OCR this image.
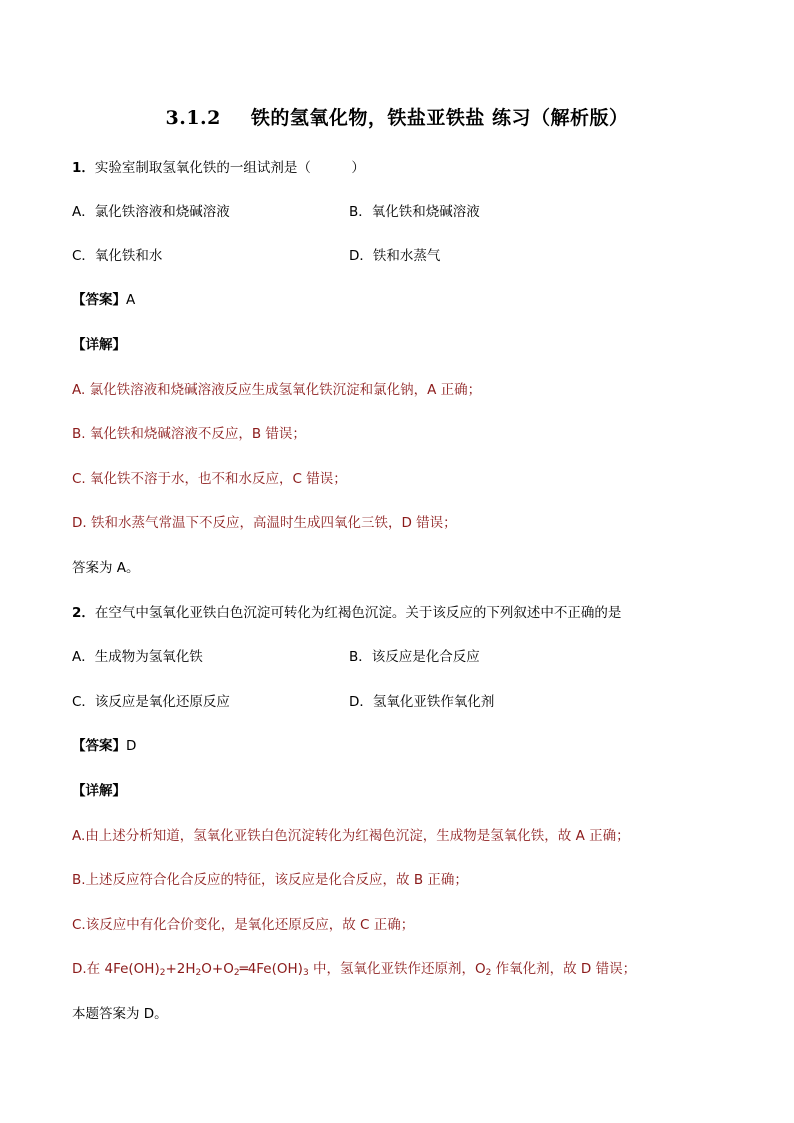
3.1.2 铁的氢氧化物，铁盐亚铁盐 练习（解析版）
1．实验室制取氢氧化铁的一组试剂是（　　　）
A．氯化铁溶液和烧碱溶液	B．氧化铁和烧碱溶液
C．氧化铁和水	D．铁和水蒸气
【答案】A
【详解】
A. 氯化铁溶液和烧碱溶液反应生成氢氧化铁沉淀和氯化钠，A 正确；
B. 氧化铁和烧碱溶液不反应，B 错误；
C. 氧化铁不溶于水，也不和水反应，C 错误；
D. 铁和水蒸气常温下不反应，高温时生成四氧化三铁，D 错误；
答案为 A。
2．在空气中氢氧化亚铁白色沉淀可转化为红褐色沉淀。关于该反应的下列叙述中不正确的是
A．生成物为氢氧化铁	B．该反应是化合反应
C．该反应是氧化还原反应	D．氢氧化亚铁作氧化剂
【答案】D
【详解】
A.由上述分析知道，氢氧化亚铁白色沉淀转化为红褐色沉淀，生成物是氢氧化铁，故 A 正确；
B.上述反应符合化合反应的特征，该反应是化合反应，故 B 正确；
C.该反应中有化合价变化，是氧化还原反应，故 C 正确；
D.在 $4Fe(OH)_2+2H_2O+O_2═4Fe(OH)_3$ 中，氢氧化亚铁作还原剂，$O_2$ 作氧化剂，故 D 错误；
本题答案为 D。
